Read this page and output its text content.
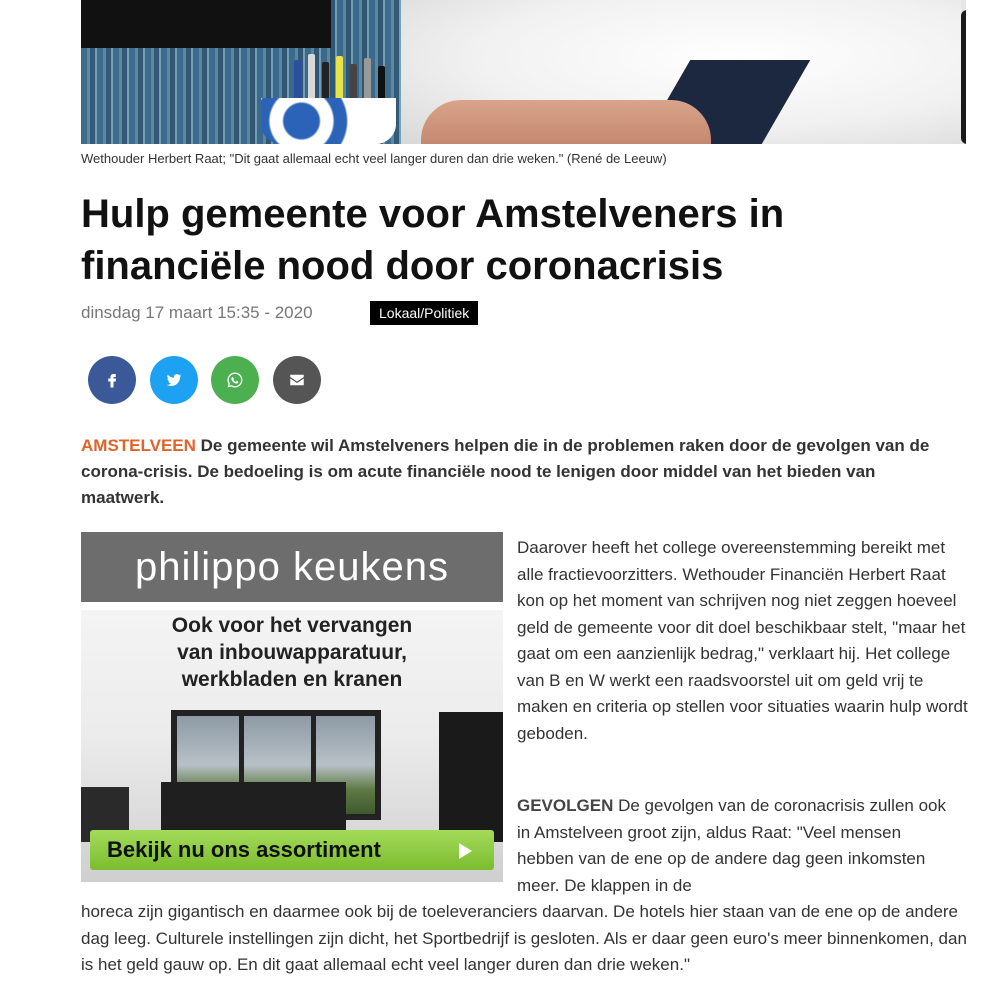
Wethouder Herbert Raat; "Dit gaat allemaal echt veel langer duren dan drie weken." (René de Leeuw)
Hulp gemeente voor Amstelveners in financiële nood door coronacrisis
dinsdag 17 maart 15:35 - 2020	Lokaal/Politiek

AMSTELVEEN De gemeente wil Amstelveners helpen die in de problemen raken door de gevolgen van de corona-crisis. De bedoeling is om acute financiële nood te lenigen door middel van het bieden van maatwerk.

philippo keukens

Ook voor het vervangen
van inbouwapparatuur,
werkbladen en kranen

Bekijk nu ons assortiment

Daarover heeft het college overeenstemming bereikt met alle fractievoorzitters. Wethouder Financiën Herbert Raat kon op het moment van schrijven nog niet zeggen hoeveel geld de gemeente voor dit doel beschikbaar stelt, "maar het gaat om een aanzienlijk bedrag," verklaart hij. Het college van B en W werkt een raadsvoorstel uit om geld vrij te maken en criteria op stellen voor situaties waarin hulp wordt geboden.

GEVOLGEN De gevolgen van de coronacrisis zullen ook in Amstelveen groot zijn, aldus Raat: "Veel mensen hebben van de ene op de andere dag geen inkomsten meer. De klappen in de

horeca zijn gigantisch en daarmee ook bij de toeleveranciers daarvan. De hotels hier staan van de ene op de andere dag leeg. Culturele instellingen zijn dicht, het Sportbedrijf is gesloten. Als er daar geen euro's meer binnenkomen, dan is het geld gauw op. En dit gaat allemaal echt veel langer duren dan drie weken."
